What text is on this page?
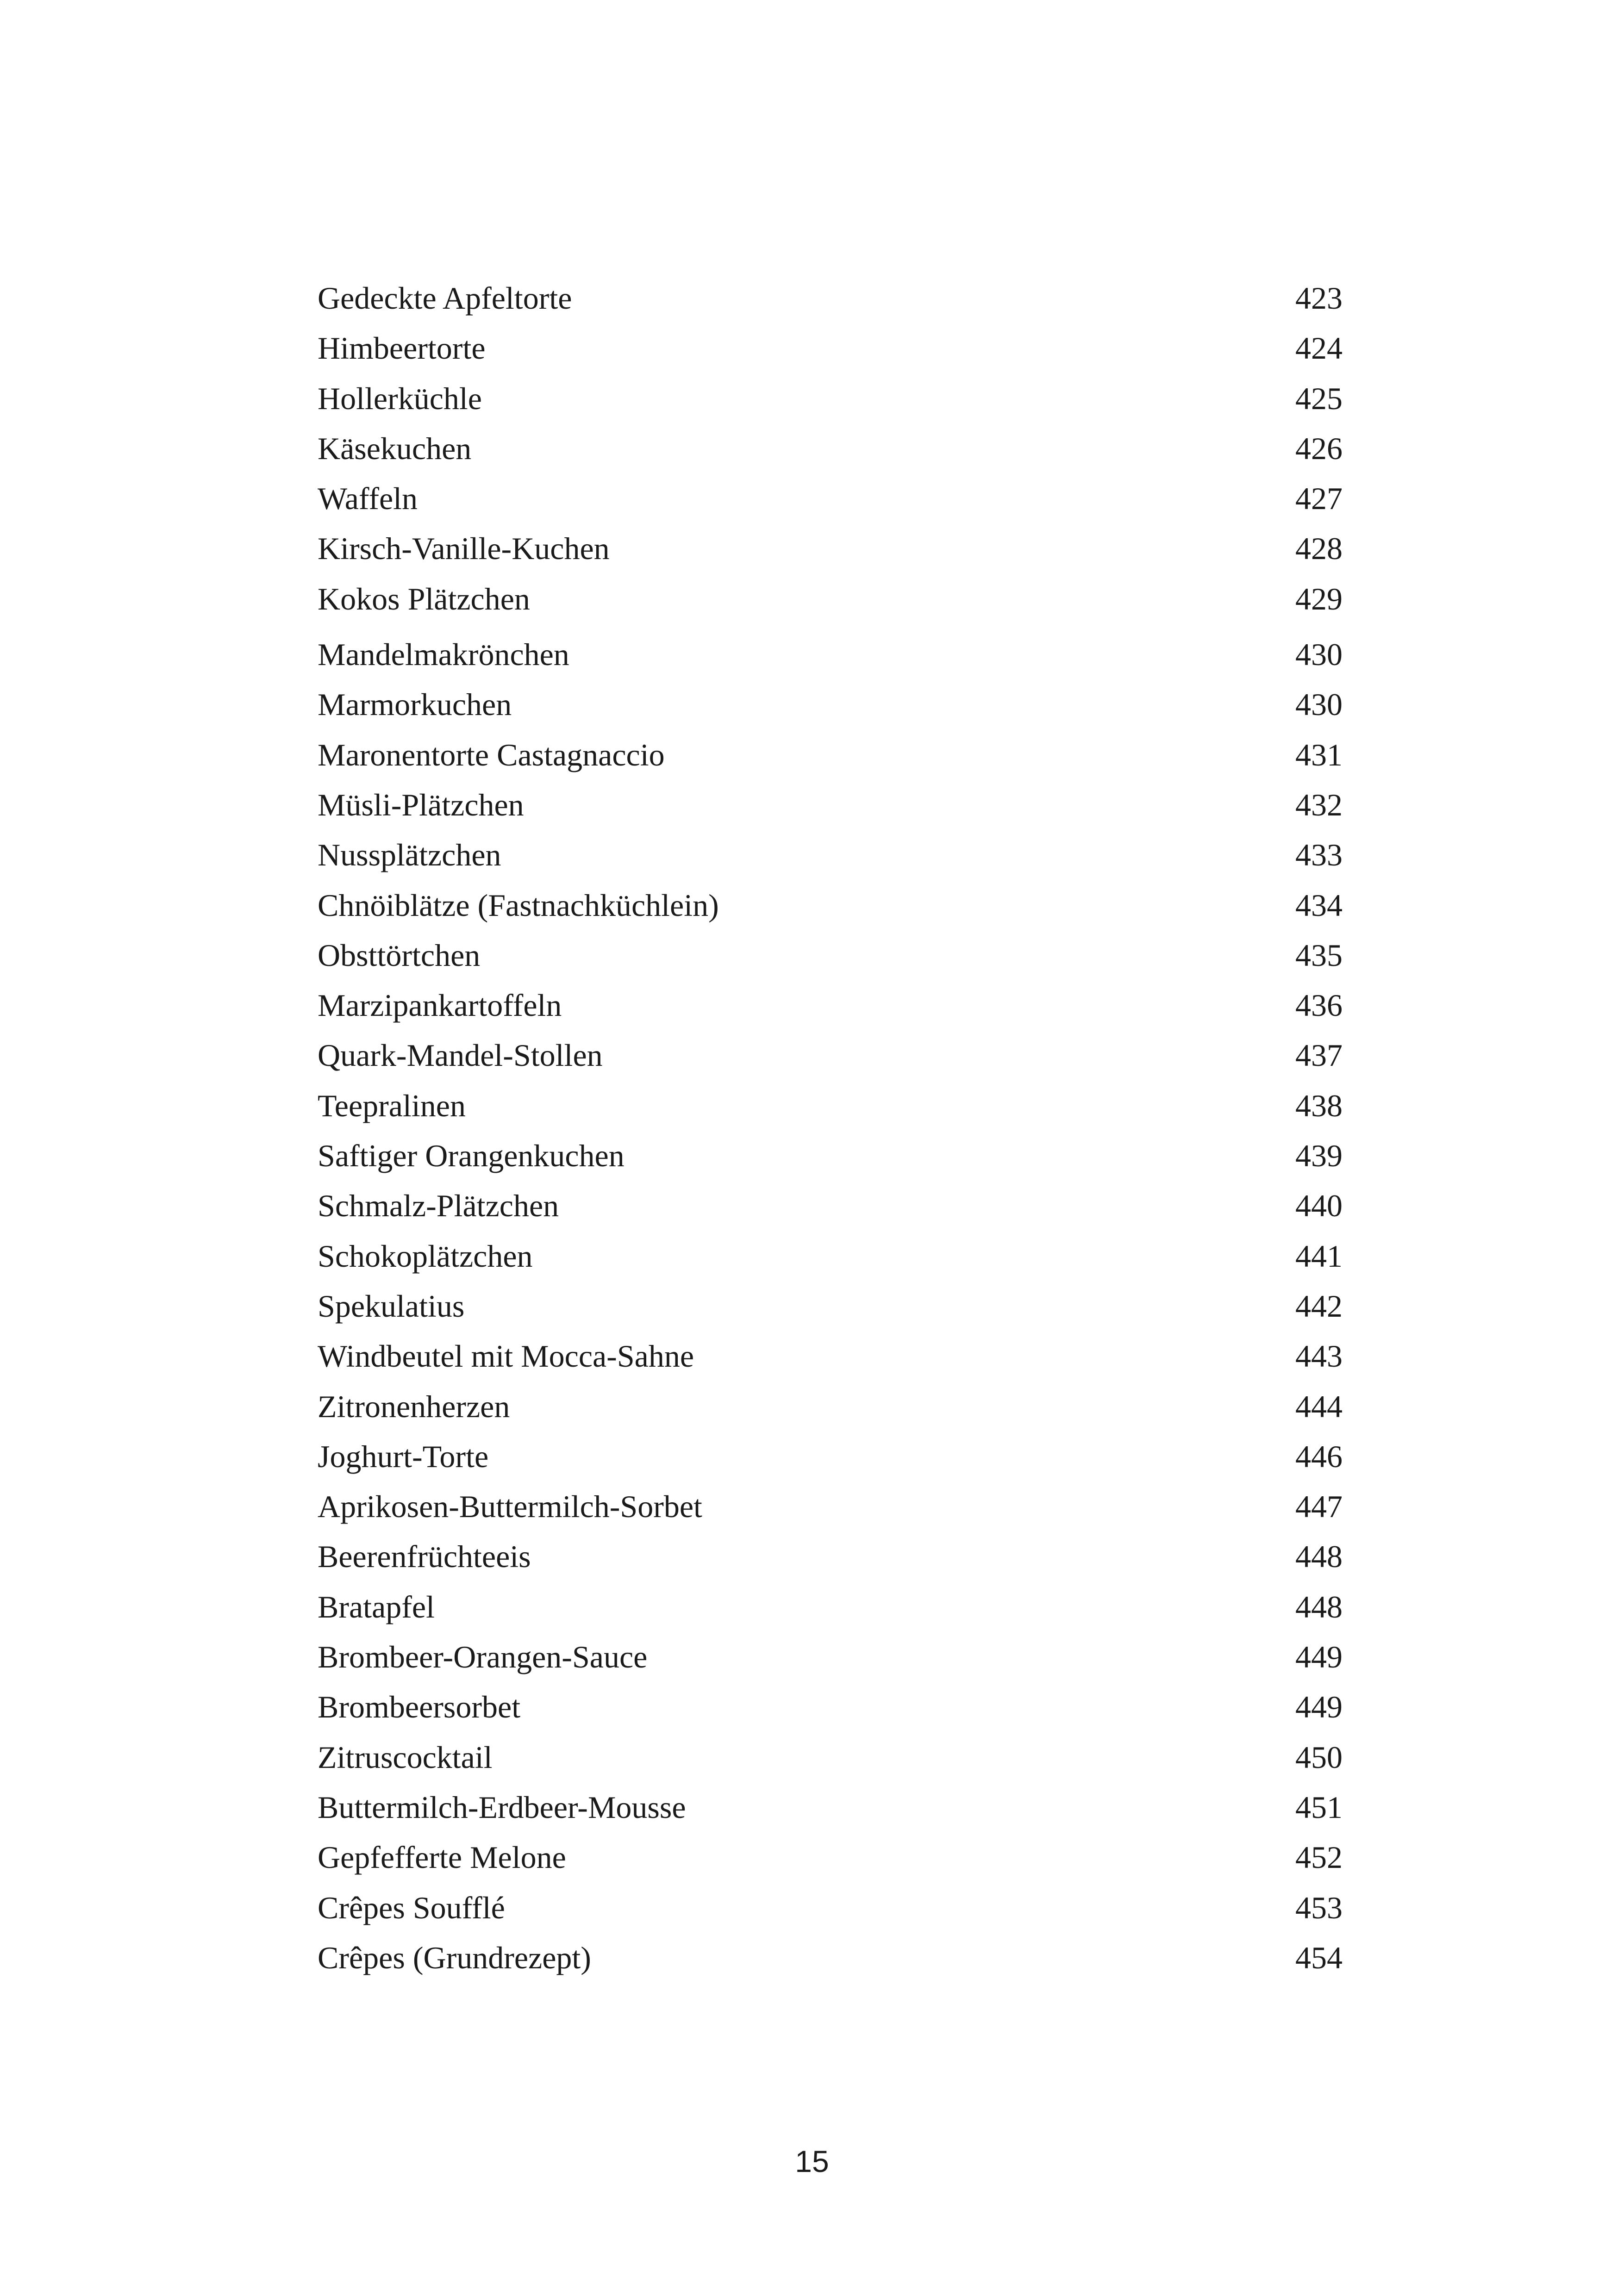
Gedeckte Apfeltorte	423
Himbeertorte	424
Hollerküchle	425
Käsekuchen	426
Waffeln	427
Kirsch-Vanille-Kuchen	428
Kokos Plätzchen	429
Mandelmakrönchen	430
Marmorkuchen	430
Maronentorte Castagnaccio	431
Müsli-Plätzchen	432
Nussplätzchen	433
Chnöiblätze (Fastnachküchlein)	434
Obsttörtchen	435
Marzipankartoffeln	436
Quark-Mandel-Stollen	437
Teepralinen	438
Saftiger Orangenkuchen	439
Schmalz-Plätzchen	440
Schokoplätzchen	441
Spekulatius	442
Windbeutel mit Mocca-Sahne	443
Zitronenherzen	444
Joghurt-Torte	446
Aprikosen-Buttermilch-Sorbet	447
Beerenfrüchteeis	448
Bratapfel	448
Brombeer-Orangen-Sauce	449
Brombeersorbet	449
Zitruscocktail	450
Buttermilch-Erdbeer-Mousse	451
Gepfefferte Melone	452
Crêpes Soufflé	453
Crêpes (Grundrezept)	454
15
